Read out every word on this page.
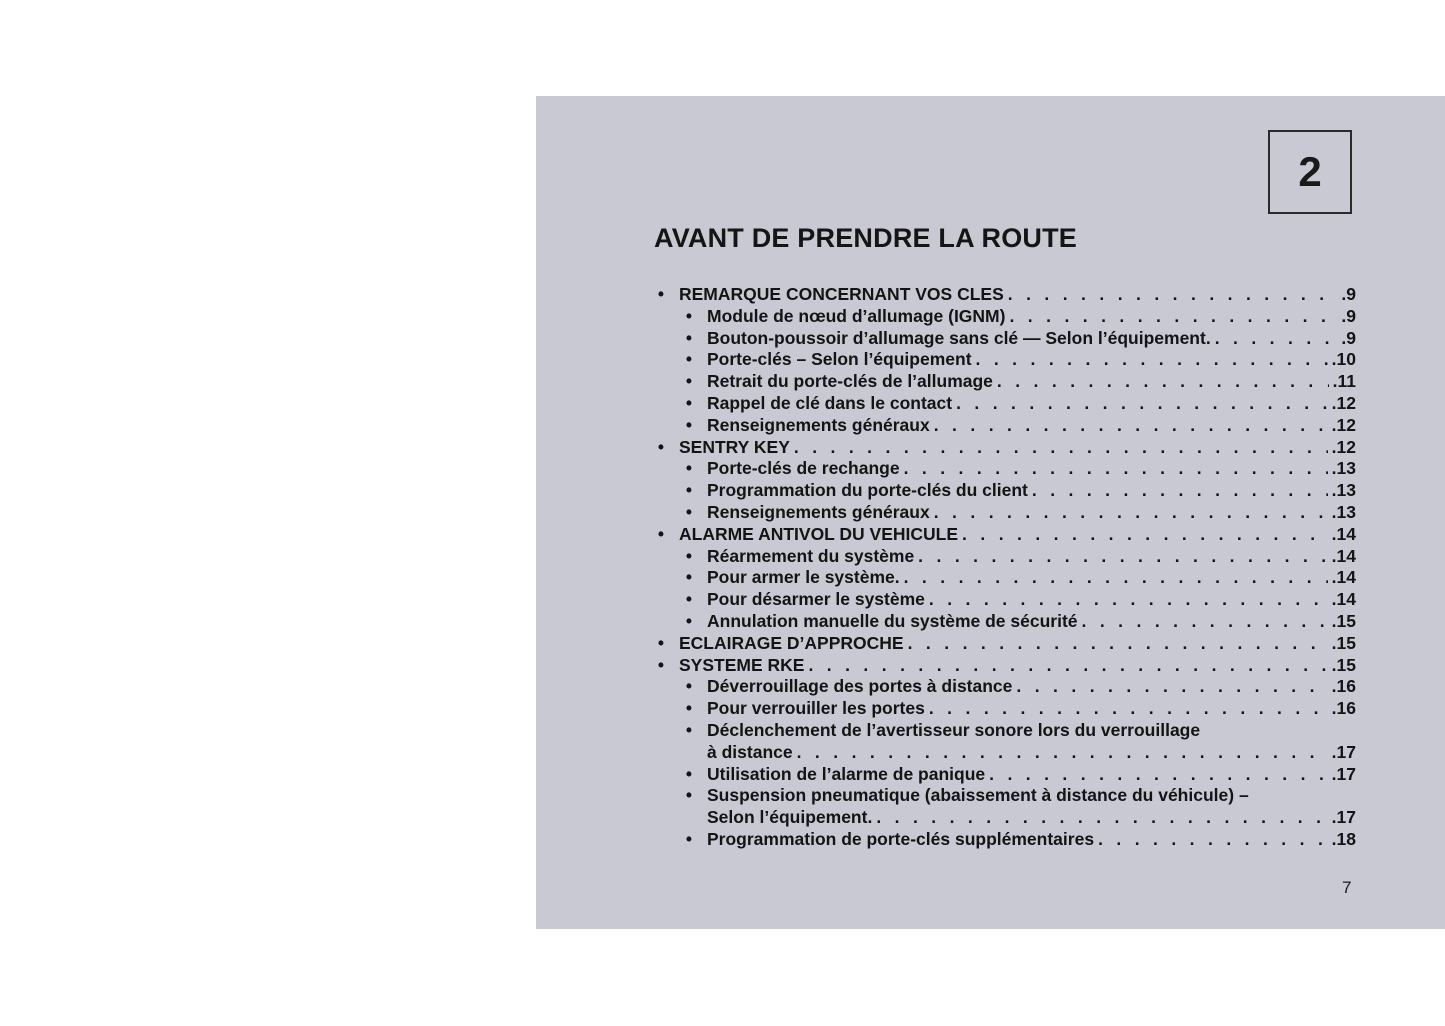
2
AVANT DE PRENDRE LA ROUTE
• REMARQUE CONCERNANT VOS CLES . . .	.9
• Module de nœud d’allumage (IGNM) . . .	.9
• Bouton-poussoir d’allumage sans clé — Selon l’équipement. . . .	.9
• Porte-clés – Selon l’équipement . . .	.10
• Retrait du porte-clés de l’allumage . . .	.11
• Rappel de clé dans le contact . . .	.12
• Renseignements généraux . . .	.12
• SENTRY KEY . . .	.12
• Porte-clés de rechange . . .	.13
• Programmation du porte-clés du client . . .	.13
• Renseignements généraux . . .	.13
• ALARME ANTIVOL DU VEHICULE . . .	.14
• Réarmement du système . . .	.14
• Pour armer le système. . . .	.14
• Pour désarmer le système . . .	.14
• Annulation manuelle du système de sécurité . . .	.15
• ECLAIRAGE D’APPROCHE . . .	.15
• SYSTEME RKE . . .	.15
• Déverrouillage des portes à distance . . .	.16
• Pour verrouiller les portes . . .	.16
• Déclenchement de l’avertisseur sonore lors du verrouillage
à distance . . .	.17
• Utilisation de l’alarme de panique . . .	.17
• Suspension pneumatique (abaissement à distance du véhicule) –
Selon l’équipement. . . .	.17
• Programmation de porte-clés supplémentaires . . .	.18
7
